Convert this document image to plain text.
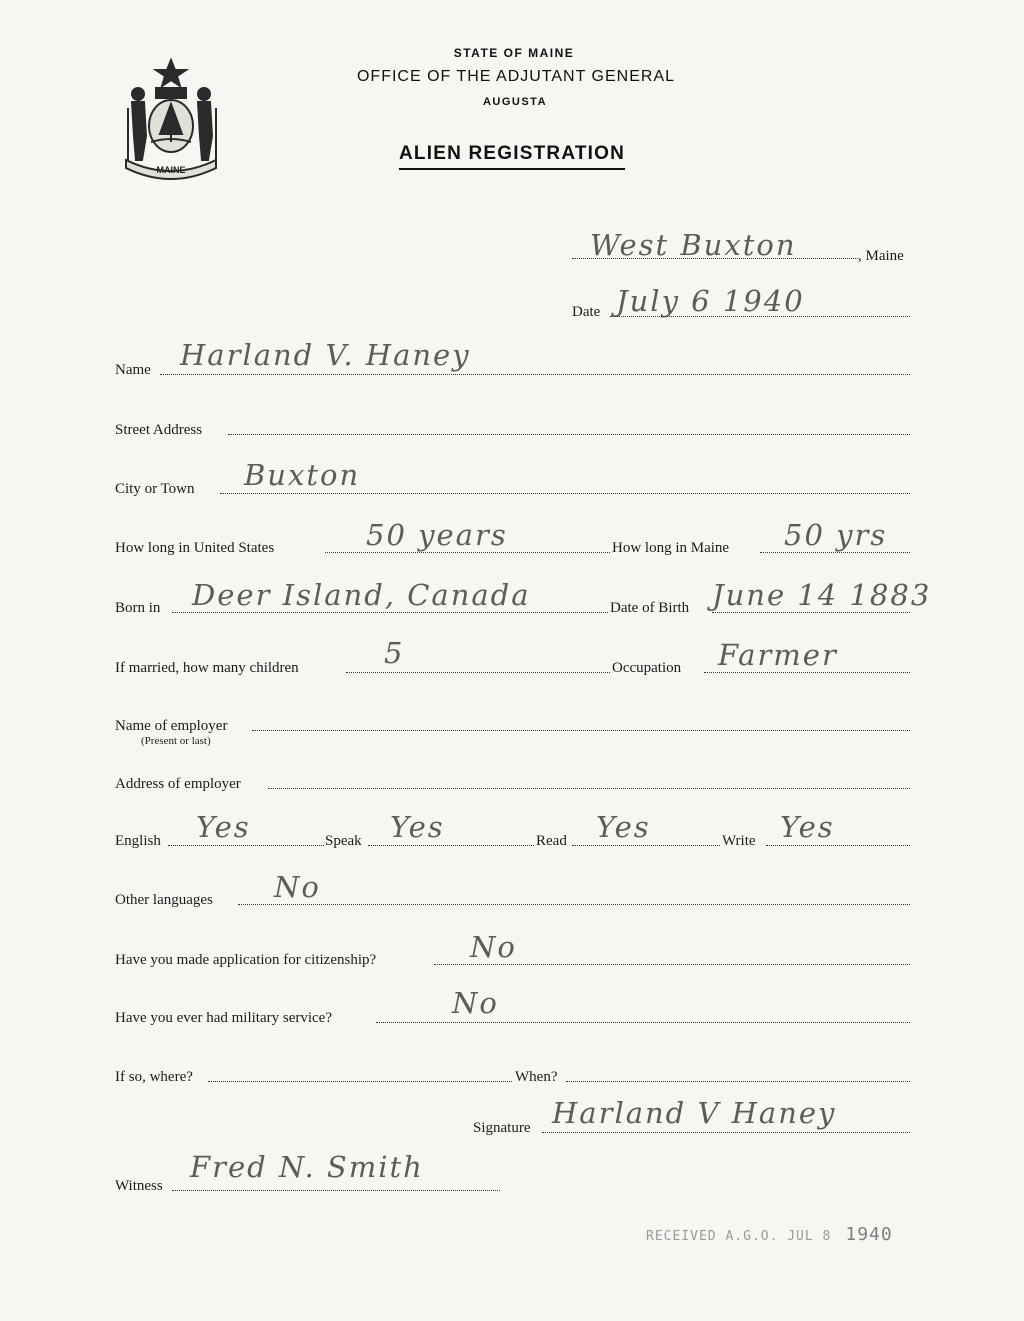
MAINE
STATE OF MAINE
OFFICE OF THE ADJUTANT GENERAL
AUGUSTA
ALIEN REGISTRATION
West Buxton	, Maine
Date July 6 1940
Name Harland V. Haney
Street Address
City or Town Buxton
How long in United States	50 years	How long in Maine 50 yrs
Born in Deer Island, Canada	Date of Birth June 14 1883
If married, how many children	5	Occupation Farmer
Name of employer
(Present or last)
Address of employer
English Yes	Speak Yes	Read Yes	Write Yes
Other languages No
Have you made application for citizenship?	No
Have you ever had military service?	No
If so, where?	When?
Signature Harland V Haney
Witness
Fred N. Smith
RECEIVED A.G.O. JUL 8 1940
